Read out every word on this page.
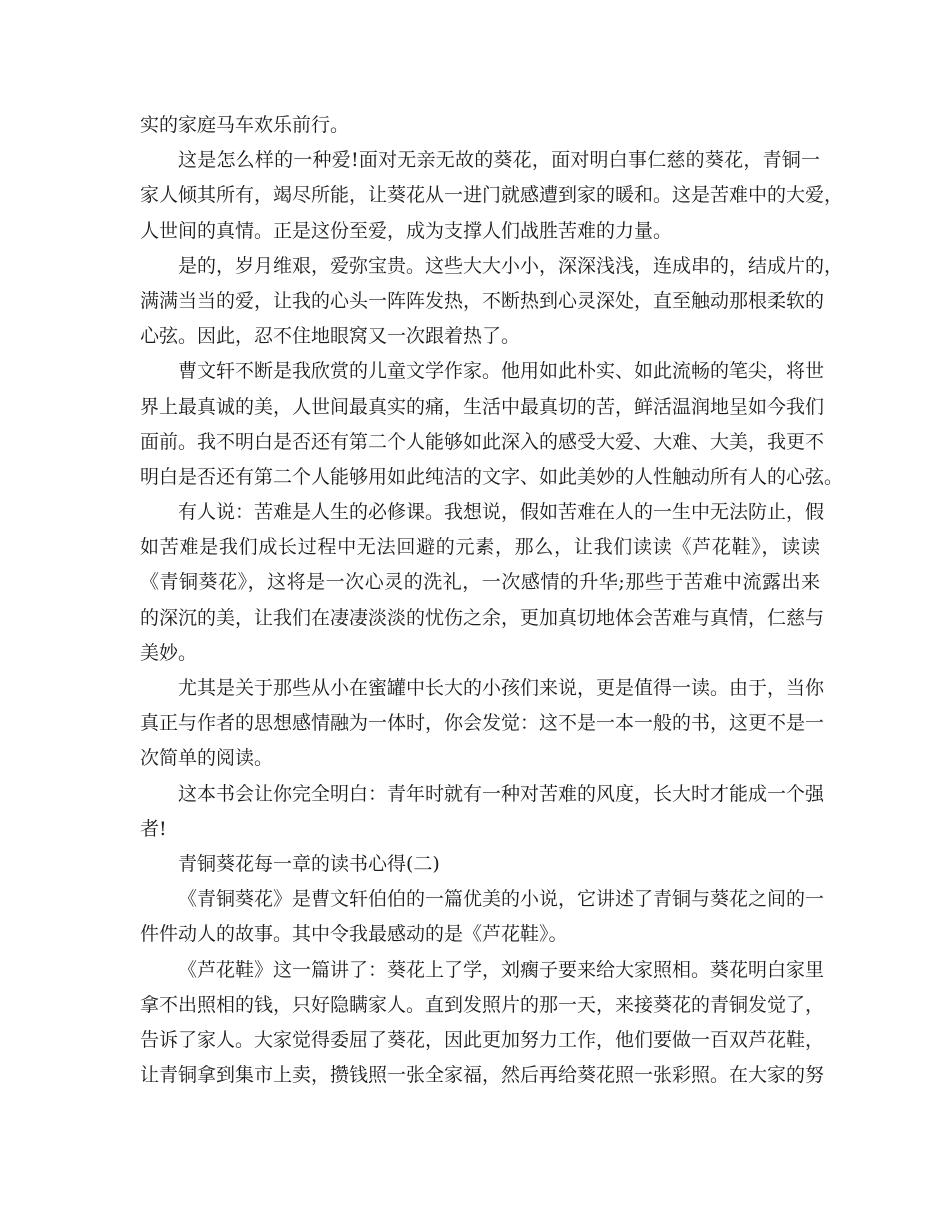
实的家庭马车欢乐前行。
这是怎么样的一种爱!面对无亲无故的葵花，面对明白事仁慈的葵花，青铜一
家人倾其所有，竭尽所能，让葵花从一进门就感遭到家的暖和。这是苦难中的大爱，
人世间的真情。正是这份至爱，成为支撑人们战胜苦难的力量。
是的，岁月维艰，爱弥宝贵。这些大大小小，深深浅浅，连成串的，结成片的，
满满当当的爱，让我的心头一阵阵发热，不断热到心灵深处，直至触动那根柔软的
心弦。因此，忍不住地眼窝又一次跟着热了。
曹文轩不断是我欣赏的儿童文学作家。他用如此朴实、如此流畅的笔尖，将世
界上最真诚的美，人世间最真实的痛，生活中最真切的苦，鲜活温润地呈如今我们
面前。我不明白是否还有第二个人能够如此深入的感受大爱、大难、大美，我更不
明白是否还有第二个人能够用如此纯洁的文字、如此美妙的人性触动所有人的心弦。
有人说：苦难是人生的必修课。我想说，假如苦难在人的一生中无法防止，假
如苦难是我们成长过程中无法回避的元素，那么，让我们读读《芦花鞋》，读读
《青铜葵花》，这将是一次心灵的洗礼，一次感情的升华;那些于苦难中流露出来
的深沉的美，让我们在凄凄淡淡的忧伤之余，更加真切地体会苦难与真情，仁慈与
美妙。
尤其是关于那些从小在蜜罐中长大的小孩们来说，更是值得一读。由于，当你
真正与作者的思想感情融为一体时，你会发觉：这不是一本一般的书，这更不是一
次简单的阅读。
这本书会让你完全明白：青年时就有一种对苦难的风度，长大时才能成一个强
者!
青铜葵花每一章的读书心得(二)
《青铜葵花》是曹文轩伯伯的一篇优美的小说，它讲述了青铜与葵花之间的一
件件动人的故事。其中令我最感动的是《芦花鞋》。
《芦花鞋》这一篇讲了：葵花上了学，刘瘸子要来给大家照相。葵花明白家里
拿不出照相的钱，只好隐瞒家人。直到发照片的那一天，来接葵花的青铜发觉了，
告诉了家人。大家觉得委屈了葵花，因此更加努力工作，他们要做一百双芦花鞋，
让青铜拿到集市上卖，攒钱照一张全家福，然后再给葵花照一张彩照。在大家的努
